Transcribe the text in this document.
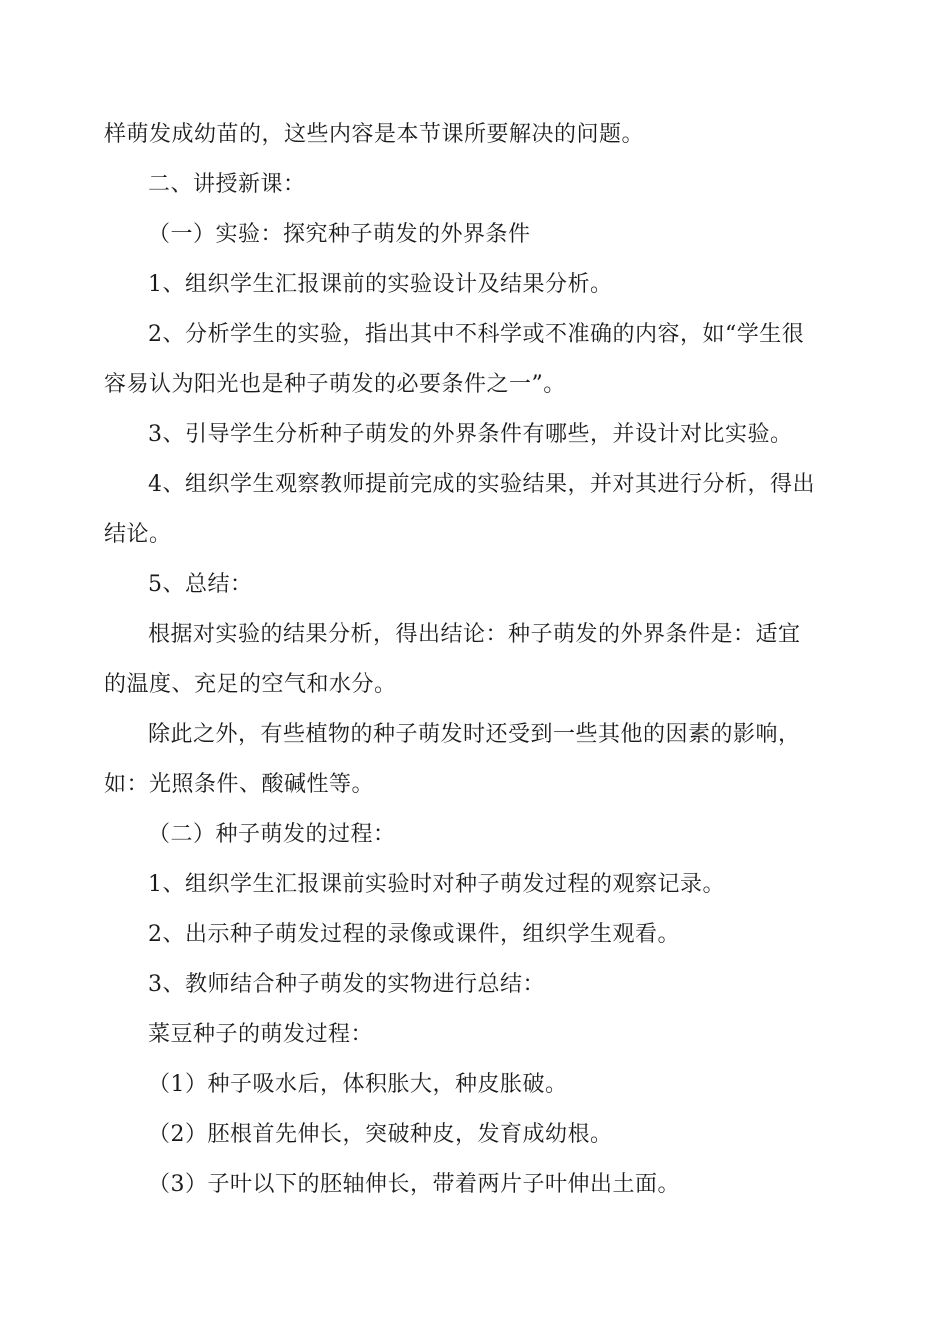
样萌发成幼苗的，这些内容是本节课所要解决的问题。
二、讲授新课：
（一）实验：探究种子萌发的外界条件
1、组织学生汇报课前的实验设计及结果分析。
2、分析学生的实验，指出其中不科学或不准确的内容，如“学生很
容易认为阳光也是种子萌发的必要条件之一”。
3、引导学生分析种子萌发的外界条件有哪些，并设计对比实验。
4、组织学生观察教师提前完成的实验结果，并对其进行分析，得出
结论。
5、总结：
根据对实验的结果分析，得出结论：种子萌发的外界条件是：适宜
的温度、充足的空气和水分。
除此之外，有些植物的种子萌发时还受到一些其他的因素的影响，
如：光照条件、酸碱性等。
（二）种子萌发的过程：
1、组织学生汇报课前实验时对种子萌发过程的观察记录。
2、出示种子萌发过程的录像或课件，组织学生观看。
3、教师结合种子萌发的实物进行总结：
菜豆种子的萌发过程：
（1）种子吸水后，体积胀大，种皮胀破。
（2）胚根首先伸长，突破种皮，发育成幼根。
（3）子叶以下的胚轴伸长，带着两片子叶伸出土面。
